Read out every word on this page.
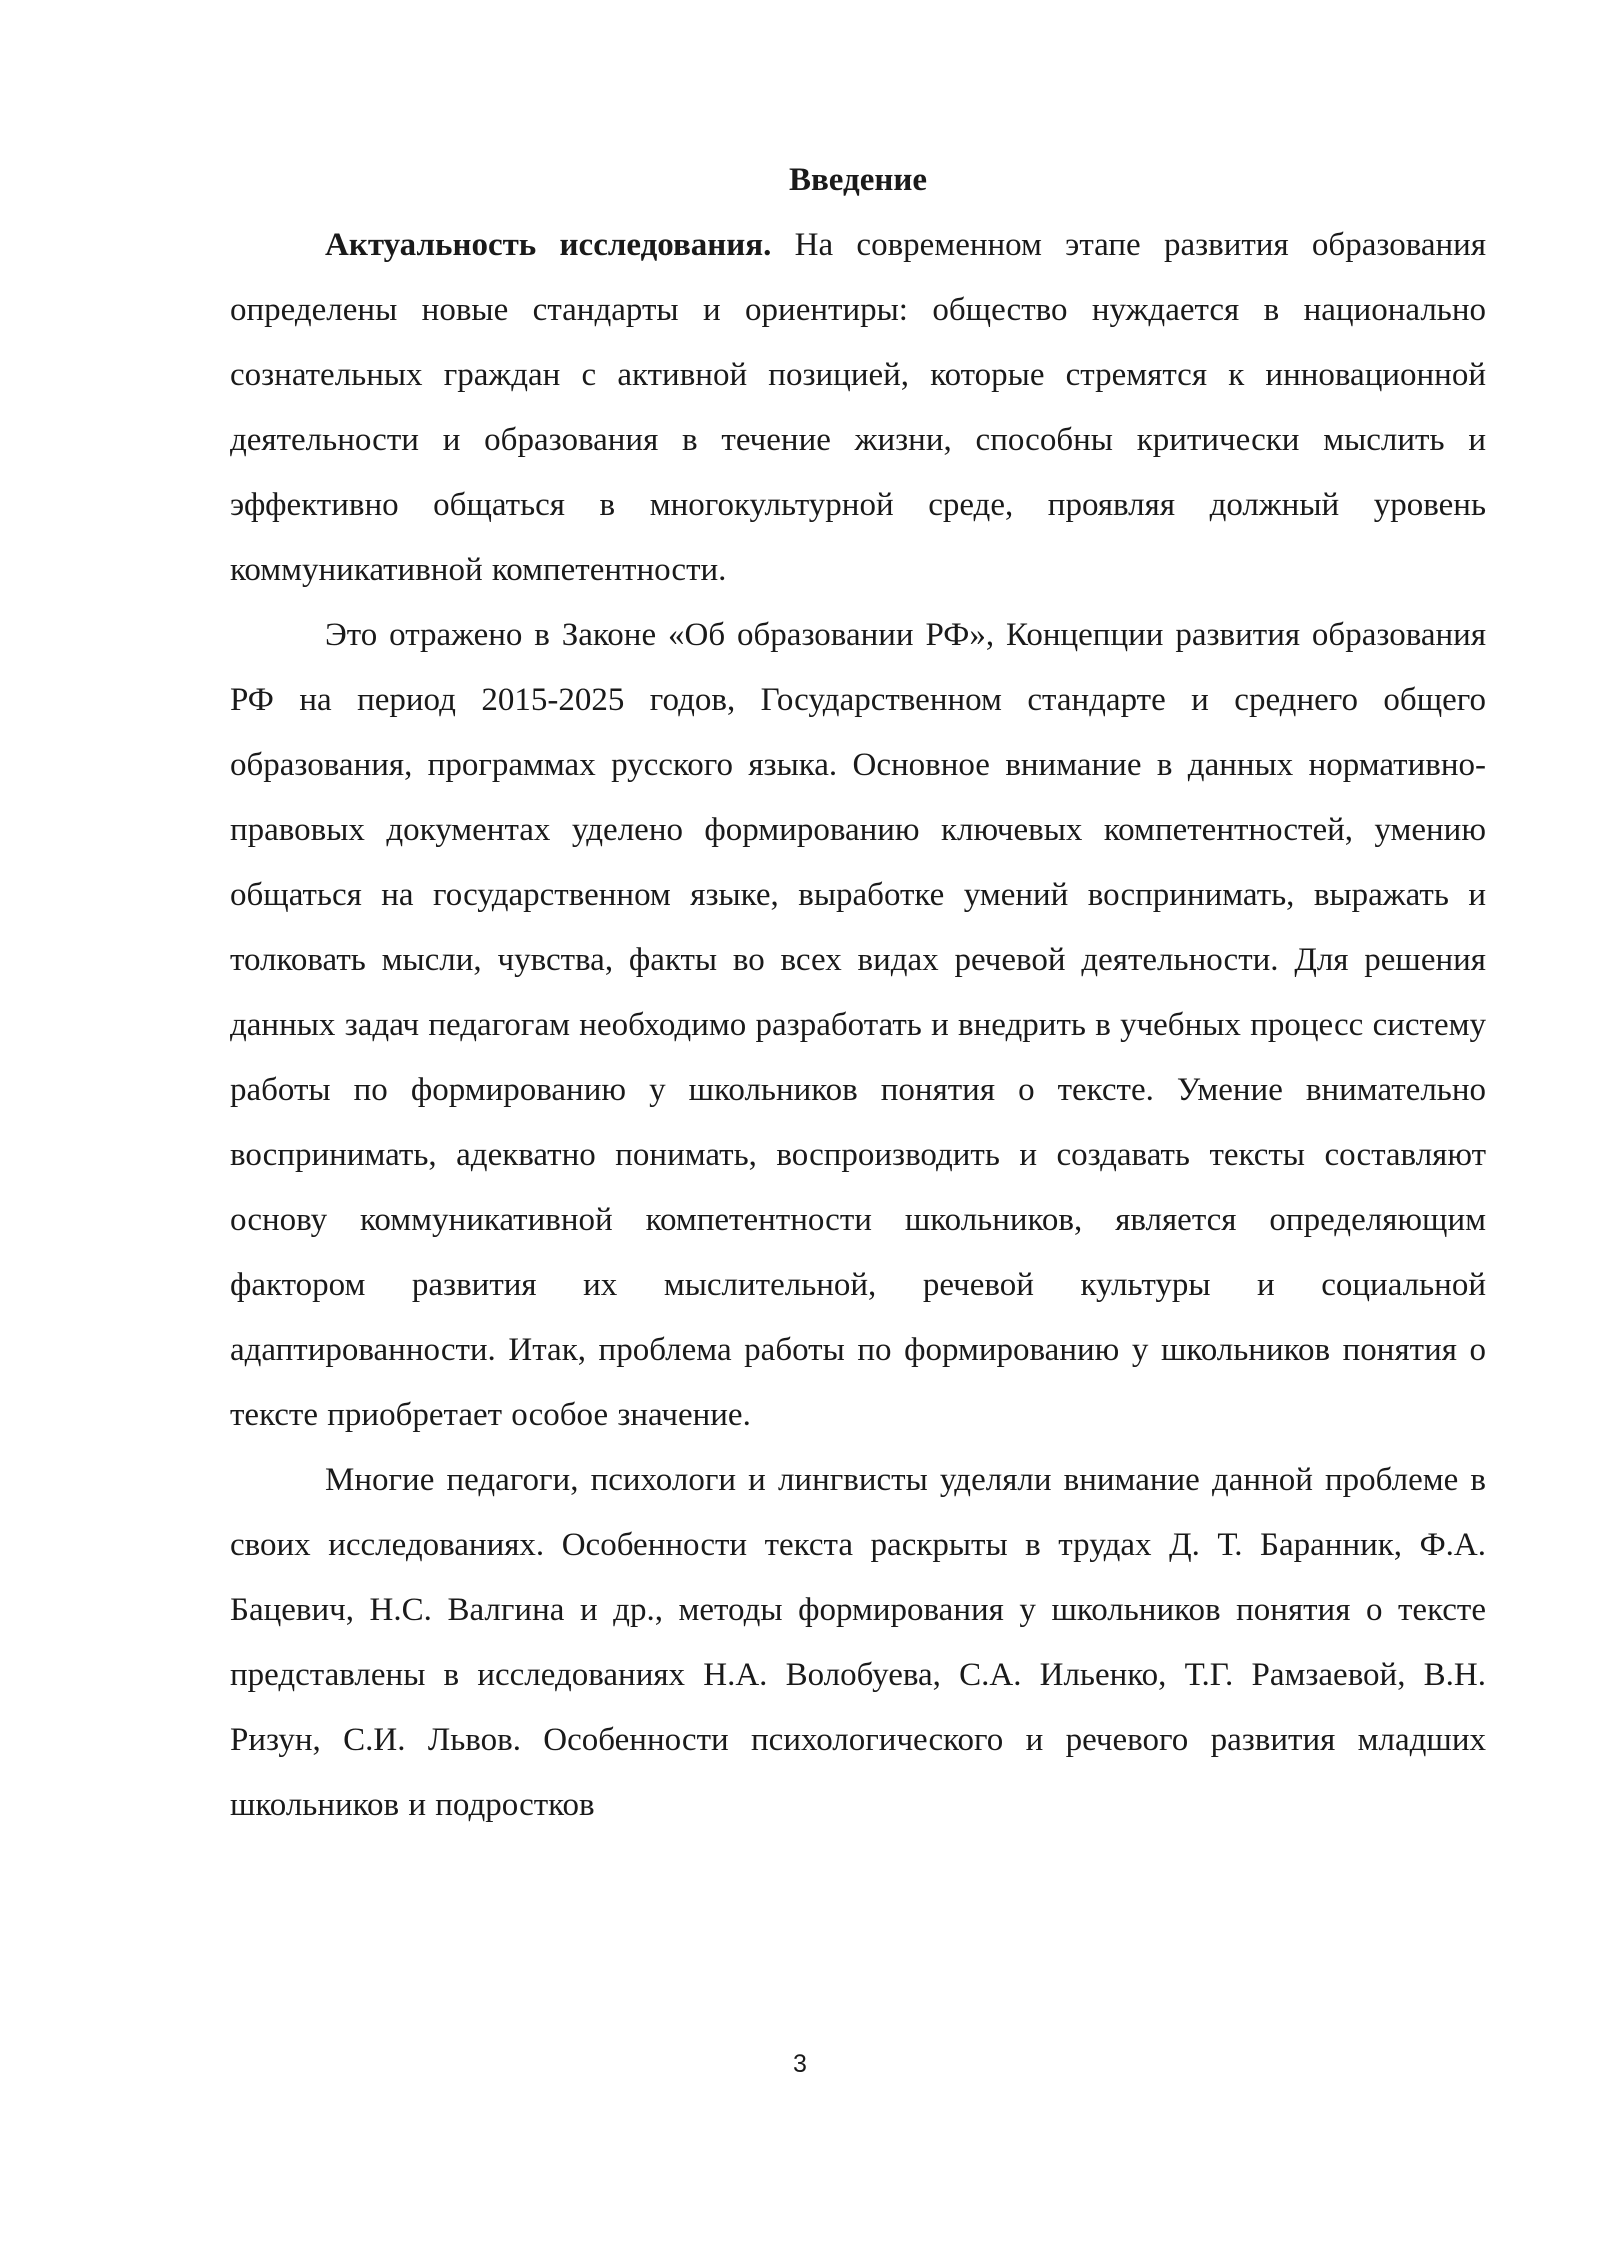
Введение

Актуальность исследования. На современном этапе развития образования определены новые стандарты и ориентиры: общество нуждается в национально сознательных граждан с активной позицией, которые стремятся к инновационной деятельности и образования в течение жизни, способны критически мыслить и эффективно общаться в многокультурной среде, проявляя должный уровень коммуникативной компетентности.

Это отражено в Законе «Об образовании РФ», Концепции развития образования РФ на период 2015-2025 годов, Государственном стандарте и среднего общего образования, программах русского языка. Основное внимание в данных нормативно-правовых документах уделено формированию ключевых компетентностей, умению общаться на государственном языке, выработке умений воспринимать, выражать и толковать мысли, чувства, факты во всех видах речевой деятельности. Для решения данных задач педагогам необходимо разработать и внедрить в учебных процесс систему работы по формированию у школьников понятия о тексте. Умение внимательно воспринимать, адекватно понимать, воспроизводить и создавать тексты составляют основу коммуникативной компетентности школьников, является определяющим фактором развития их мыслительной, речевой культуры и социальной адаптированности. Итак, проблема работы по формированию у школьников понятия о тексте приобретает особое значение.

Многие педагоги, психологи и лингвисты уделяли внимание данной проблеме в своих исследованиях. Особенности текста раскрыты в трудах Д. Т. Баранник, Ф.А. Бацевич, Н.С. Валгина и др., методы формирования у школьников понятия о тексте представлены в исследованиях Н.А. Волобуева, С.А. Ильенко, Т.Г. Рамзаевой, В.Н. Ризун, С.И. Львов. Особенности психологического и речевого развития младших школьников и подростков

3
